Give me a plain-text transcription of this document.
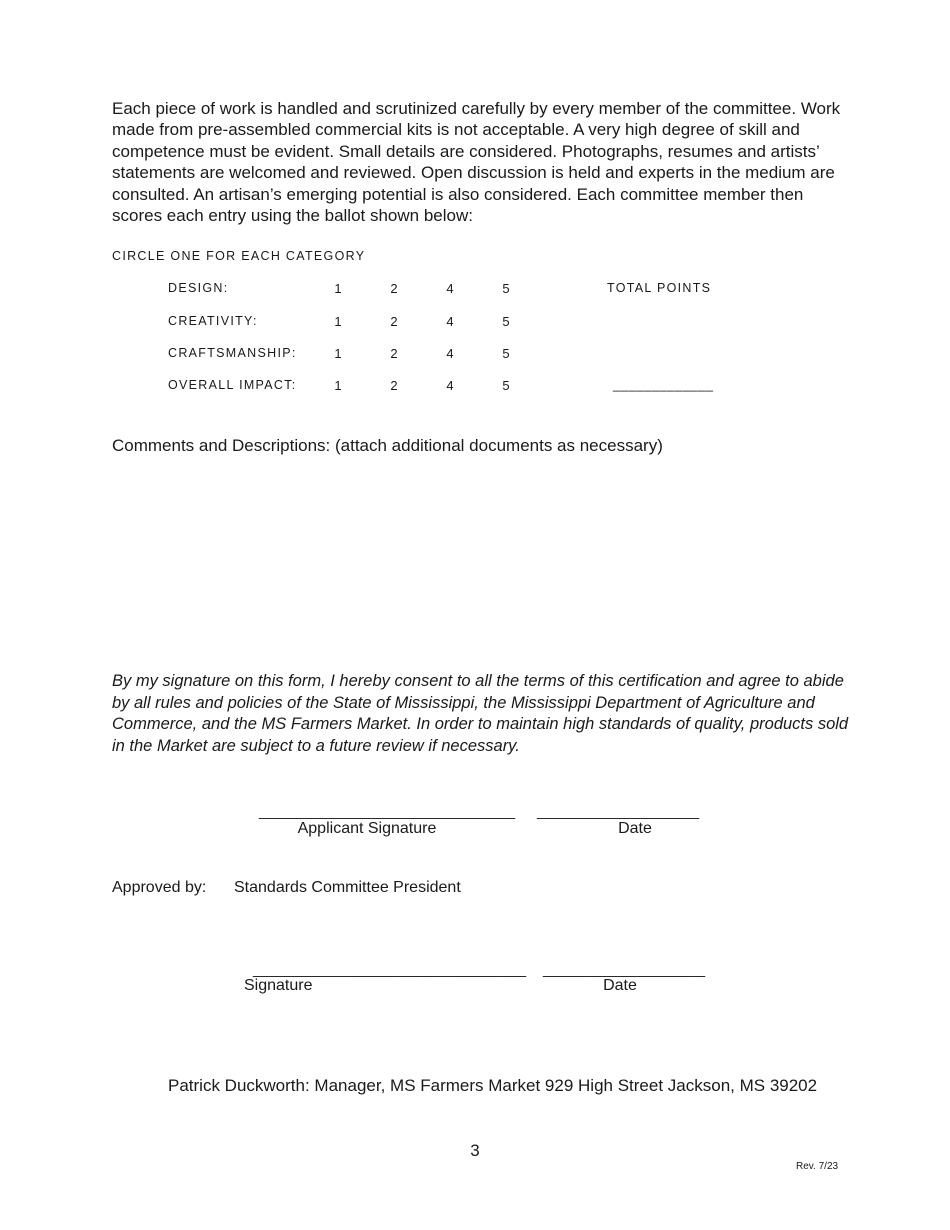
Each piece of work is handled and scrutinized carefully by every member of the committee. Work made from pre-assembled commercial kits is not acceptable. A very high degree of skill and competence must be evident. Small details are considered. Photographs, resumes and artists’ statements are welcomed and reviewed. Open discussion is held and experts in the medium are consulted. An artisan’s emerging potential is also considered. Each committee member then scores each entry using the ballot shown below:
CIRCLE ONE FOR EACH CATEGORY
DESIGN:	1	2	4	5	TOTAL POINTS
CREATIVITY:	1	2	4	5
CRAFTSMANSHIP:	1	2	4	5
OVERALL IMPACT:	1	2	4	5	_____________
Comments and Descriptions: (attach additional documents as necessary)
By my signature on this form, I hereby consent to all the terms of this certification and agree to abide by all rules and policies of the State of Mississippi, the Mississippi Department of Agriculture and Commerce, and the MS Farmers Market. In order to maintain high standards of quality, products sold in the Market are subject to a future review if necessary.
______________________________
Applicant Signature
___________________
Date
Approved by: Standards Committee President
________________________________
Signature
___________________
Date
Patrick Duckworth: Manager, MS Farmers Market 929 High Street Jackson, MS 39202
3
Rev. 7/23
